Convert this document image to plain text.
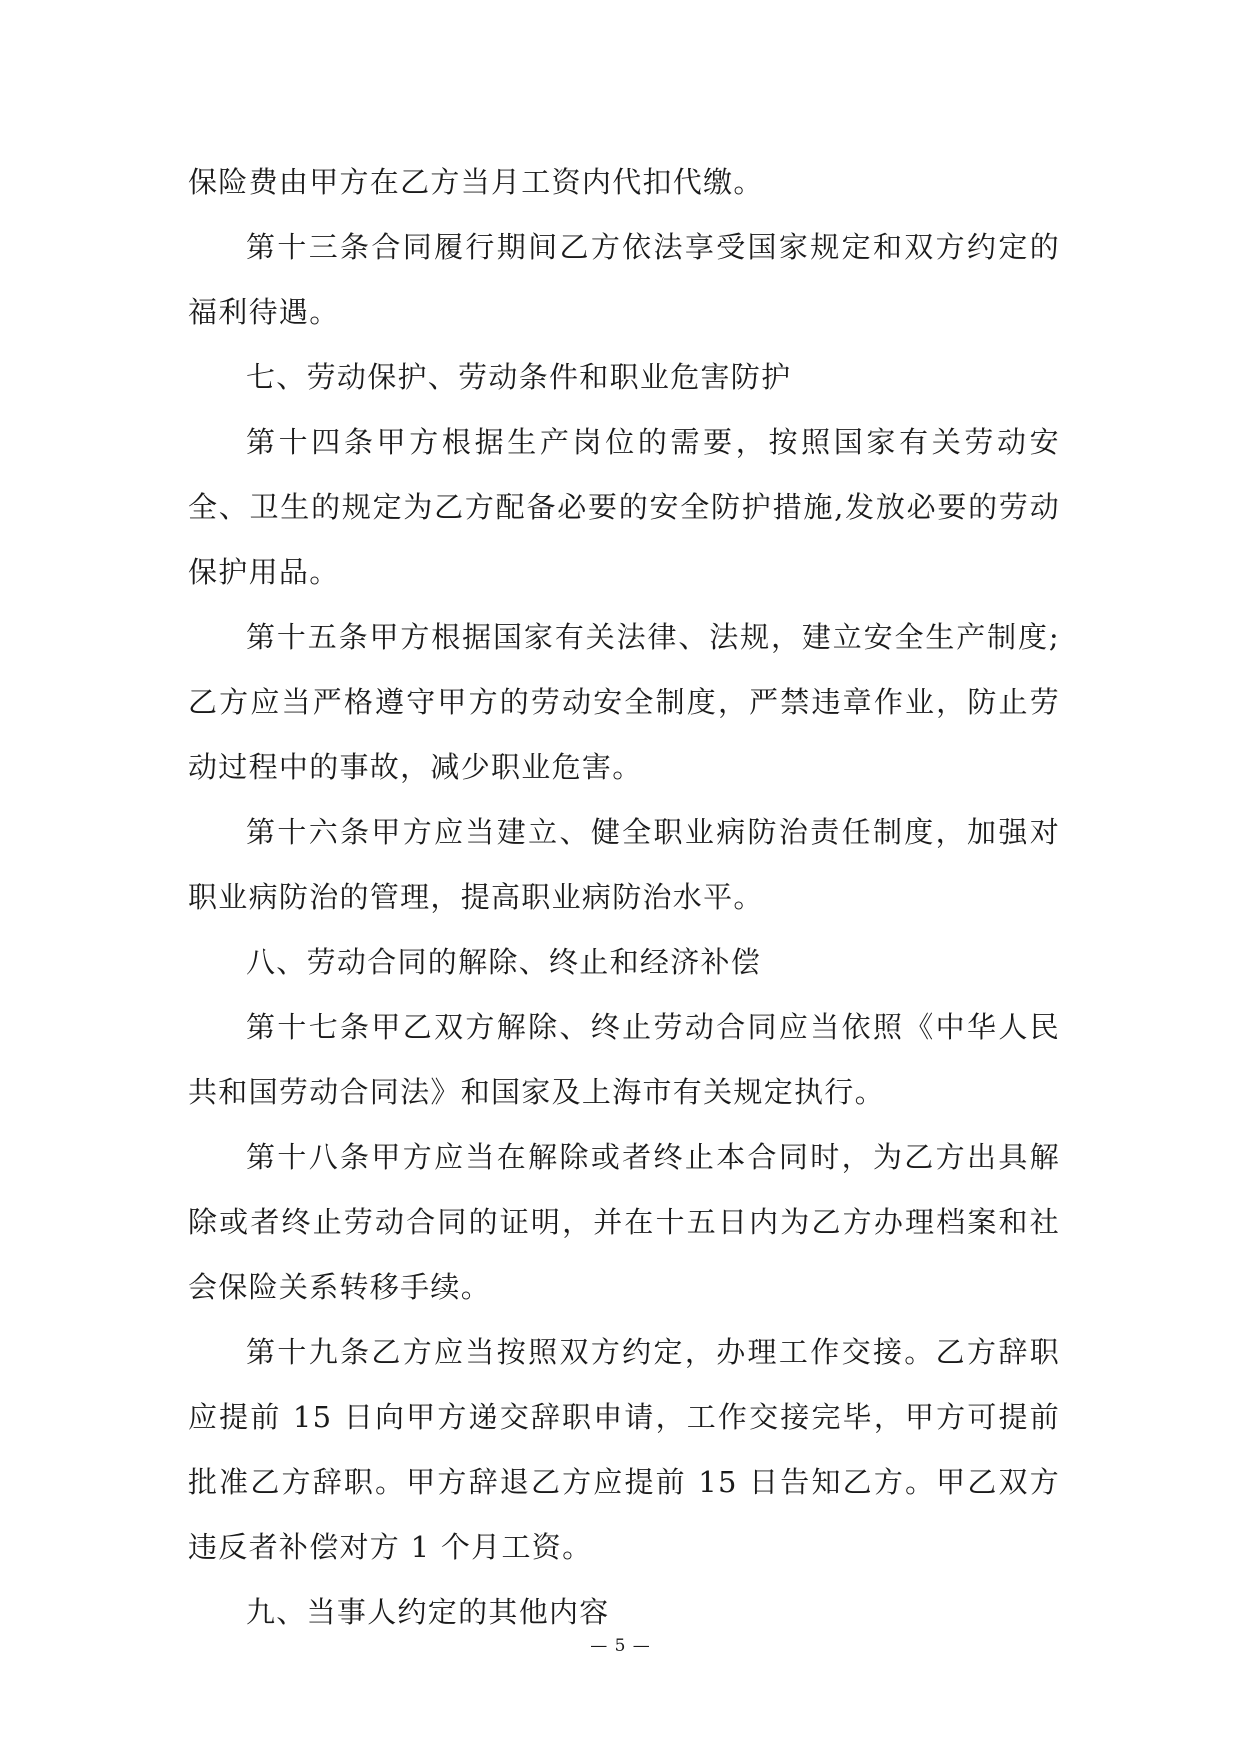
保险费由甲方在乙方当月工资内代扣代缴。

第十三条合同履行期间乙方依法享受国家规定和双方约定的福利待遇。

七、劳动保护、劳动条件和职业危害防护

第十四条甲方根据生产岗位的需要，按照国家有关劳动安全、卫生的规定为乙方配备必要的安全防护措施,发放必要的劳动保护用品。

第十五条甲方根据国家有关法律、法规，建立安全生产制度;乙方应当严格遵守甲方的劳动安全制度，严禁违章作业，防止劳动过程中的事故，减少职业危害。

第十六条甲方应当建立、健全职业病防治责任制度，加强对职业病防治的管理，提高职业病防治水平。

八、劳动合同的解除、终止和经济补偿

第十七条甲乙双方解除、终止劳动合同应当依照《中华人民共和国劳动合同法》和国家及上海市有关规定执行。

第十八条甲方应当在解除或者终止本合同时，为乙方出具解除或者终止劳动合同的证明，并在十五日内为乙方办理档案和社会保险关系转移手续。

第十九条乙方应当按照双方约定，办理工作交接。乙方辞职应提前 15 日向甲方递交辞职申请，工作交接完毕，甲方可提前批准乙方辞职。甲方辞退乙方应提前 15 日告知乙方。甲乙双方违反者补偿对方 1 个月工资。

九、当事人约定的其他内容

— 5 —
